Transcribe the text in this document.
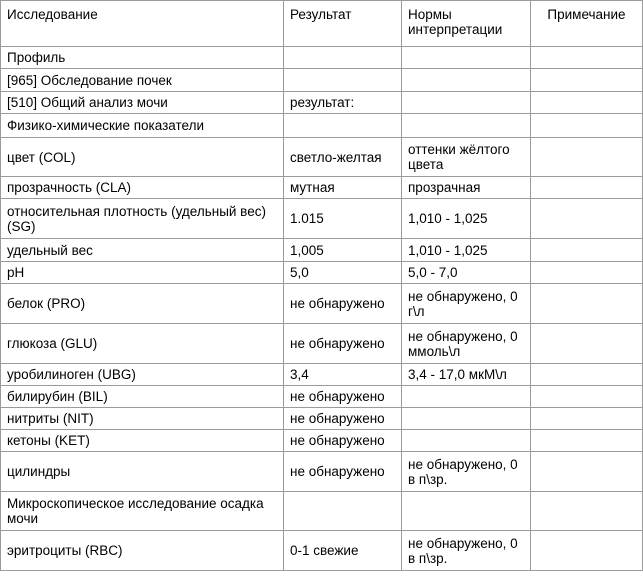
Исследование	Результат	Нормы интерпретации	Примечание
Профиль			
[965] Обследование почек			
[510] Общий анализ мочи	результат:		
Физико-химические показатели			
цвет (COL)	светло-желтая	оттенки жёлтого цвета	
прозрачность (CLA)	мутная	прозрачная	
относительная плотность (удельный вес) (SG)	1.015	1,010 - 1,025	
удельный вес	1,005	1,010 - 1,025	
pH	5,0	5,0 - 7,0	
белок (PRO)	не обнаружено	не обнаружено, 0 г\л	
глюкоза (GLU)	не обнаружено	не обнаружено, 0 ммоль\л	
уробилиноген (UBG)	3,4	3,4 - 17,0 мкМ\л	
билирубин (BIL)	не обнаружено		
нитриты (NIT)	не обнаружено		
кетоны (KET)	не обнаружено		
цилиндры	не обнаружено	не обнаружено, 0 в п\зр.	
Микроскопическое исследование осадка мочи			
эритроциты (RBC)	0-1 свежие	не обнаружено, 0 в п\зр.	
